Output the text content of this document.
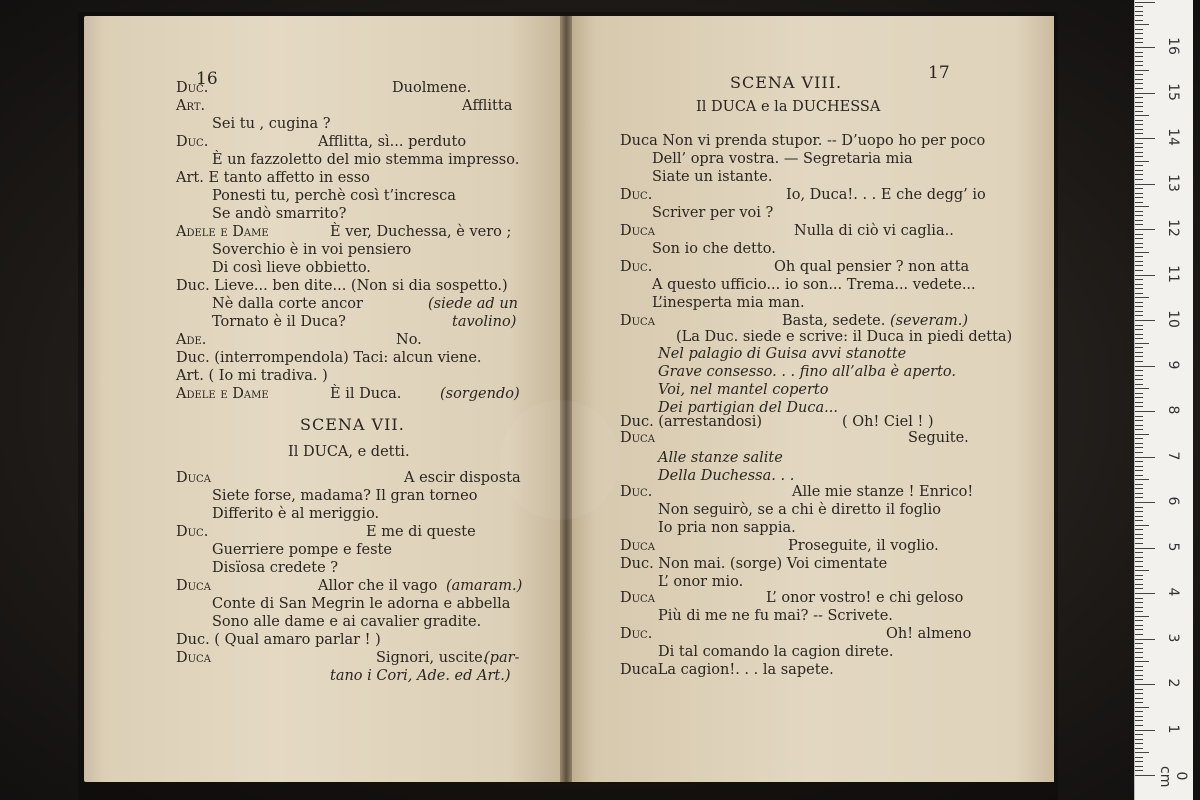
16	17
Duc.	Duolmene.
Art.	Afflitta
Sei tu , cugina ?
Duc.	Afflitta, sì... perduto
È un fazzoletto del mio stemma impresso.
Art. E tanto affetto in esso
Ponesti tu, perchè così t’incresca
Se andò smarrito?
Adele e Dame	È ver, Duchessa, è vero ;
Soverchio è in voi pensiero
Di così lieve obbietto.
Duc. Lieve... ben dite... (Non si dia sospetto.)
Nè dalla corte ancor	(siede ad un
Tornato è il Duca?	tavolino)
Ade.	No.
Duc. (interrompendola) Taci: alcun viene.
Art. ( Io mi tradiva. )
Adele e Dame	È il Duca.	(sorgendo)
SCENA VII.
Il DUCA, e detti.
Duca	A escir disposta
Siete forse, madama? Il gran torneo
Differito è al meriggio.
Duc.	E me di queste
Guerriere pompe e feste
Disïosa credete ?
Duca	Allor che il vago (amaram.)
Conte di San Megrin le adorna e abbella
Sono alle dame e ai cavalier gradite.
Duc. ( Qual amaro parlar ! )
Duca	Signori, uscite.
(par-
tano i Cori, Ade. ed Art.)
SCENA VIII.
Il DUCA e la DUCHESSA
Duca Non vi prenda stupor. -- D’uopo ho per poco
Dell’ opra vostra. — Segretaria mia
Siate un istante.
Duc.	Io, Duca!. . . E che degg’ io
Scriver per voi ?
Duca	Nulla di ciò vi caglia..
Son io che detto.
Duc.	Oh qual pensier ? non atta
A questo ufficio... io son... Trema... vedete...
L’inesperta mia man.
Duca	Basta, sedete. (severam.)
(La Duc. siede e scrive: il Duca in piedi detta)
Nel palagio di Guisa avvi stanotte
Grave consesso. . . fino all’alba è aperto.
Voi, nel mantel coperto
Dei partigian del Duca...
Duc. (arrestandosi)	( Oh! Ciel ! )
Duca	Seguite.
Alle stanze salite
Della Duchessa. . .
Duc.	Alle mie stanze ! Enrico!
Non seguirò, se a chi è diretto il foglio
Io pria non sappia.
Duca	Proseguite, il voglio.
Duc. Non mai. (sorge) Voi cimentate
L’ onor mio.
Duca	L’ onor vostro! e chi geloso
Più di me ne fu mai? -- Scrivete.
Duc.	Oh! almeno
Di tal comando la cagion direte.
DucaLa cagion!. . . la sapete.
1
2
3
4
5
6
7
8
9
10
11
12
13
14
15
16
0 cm
